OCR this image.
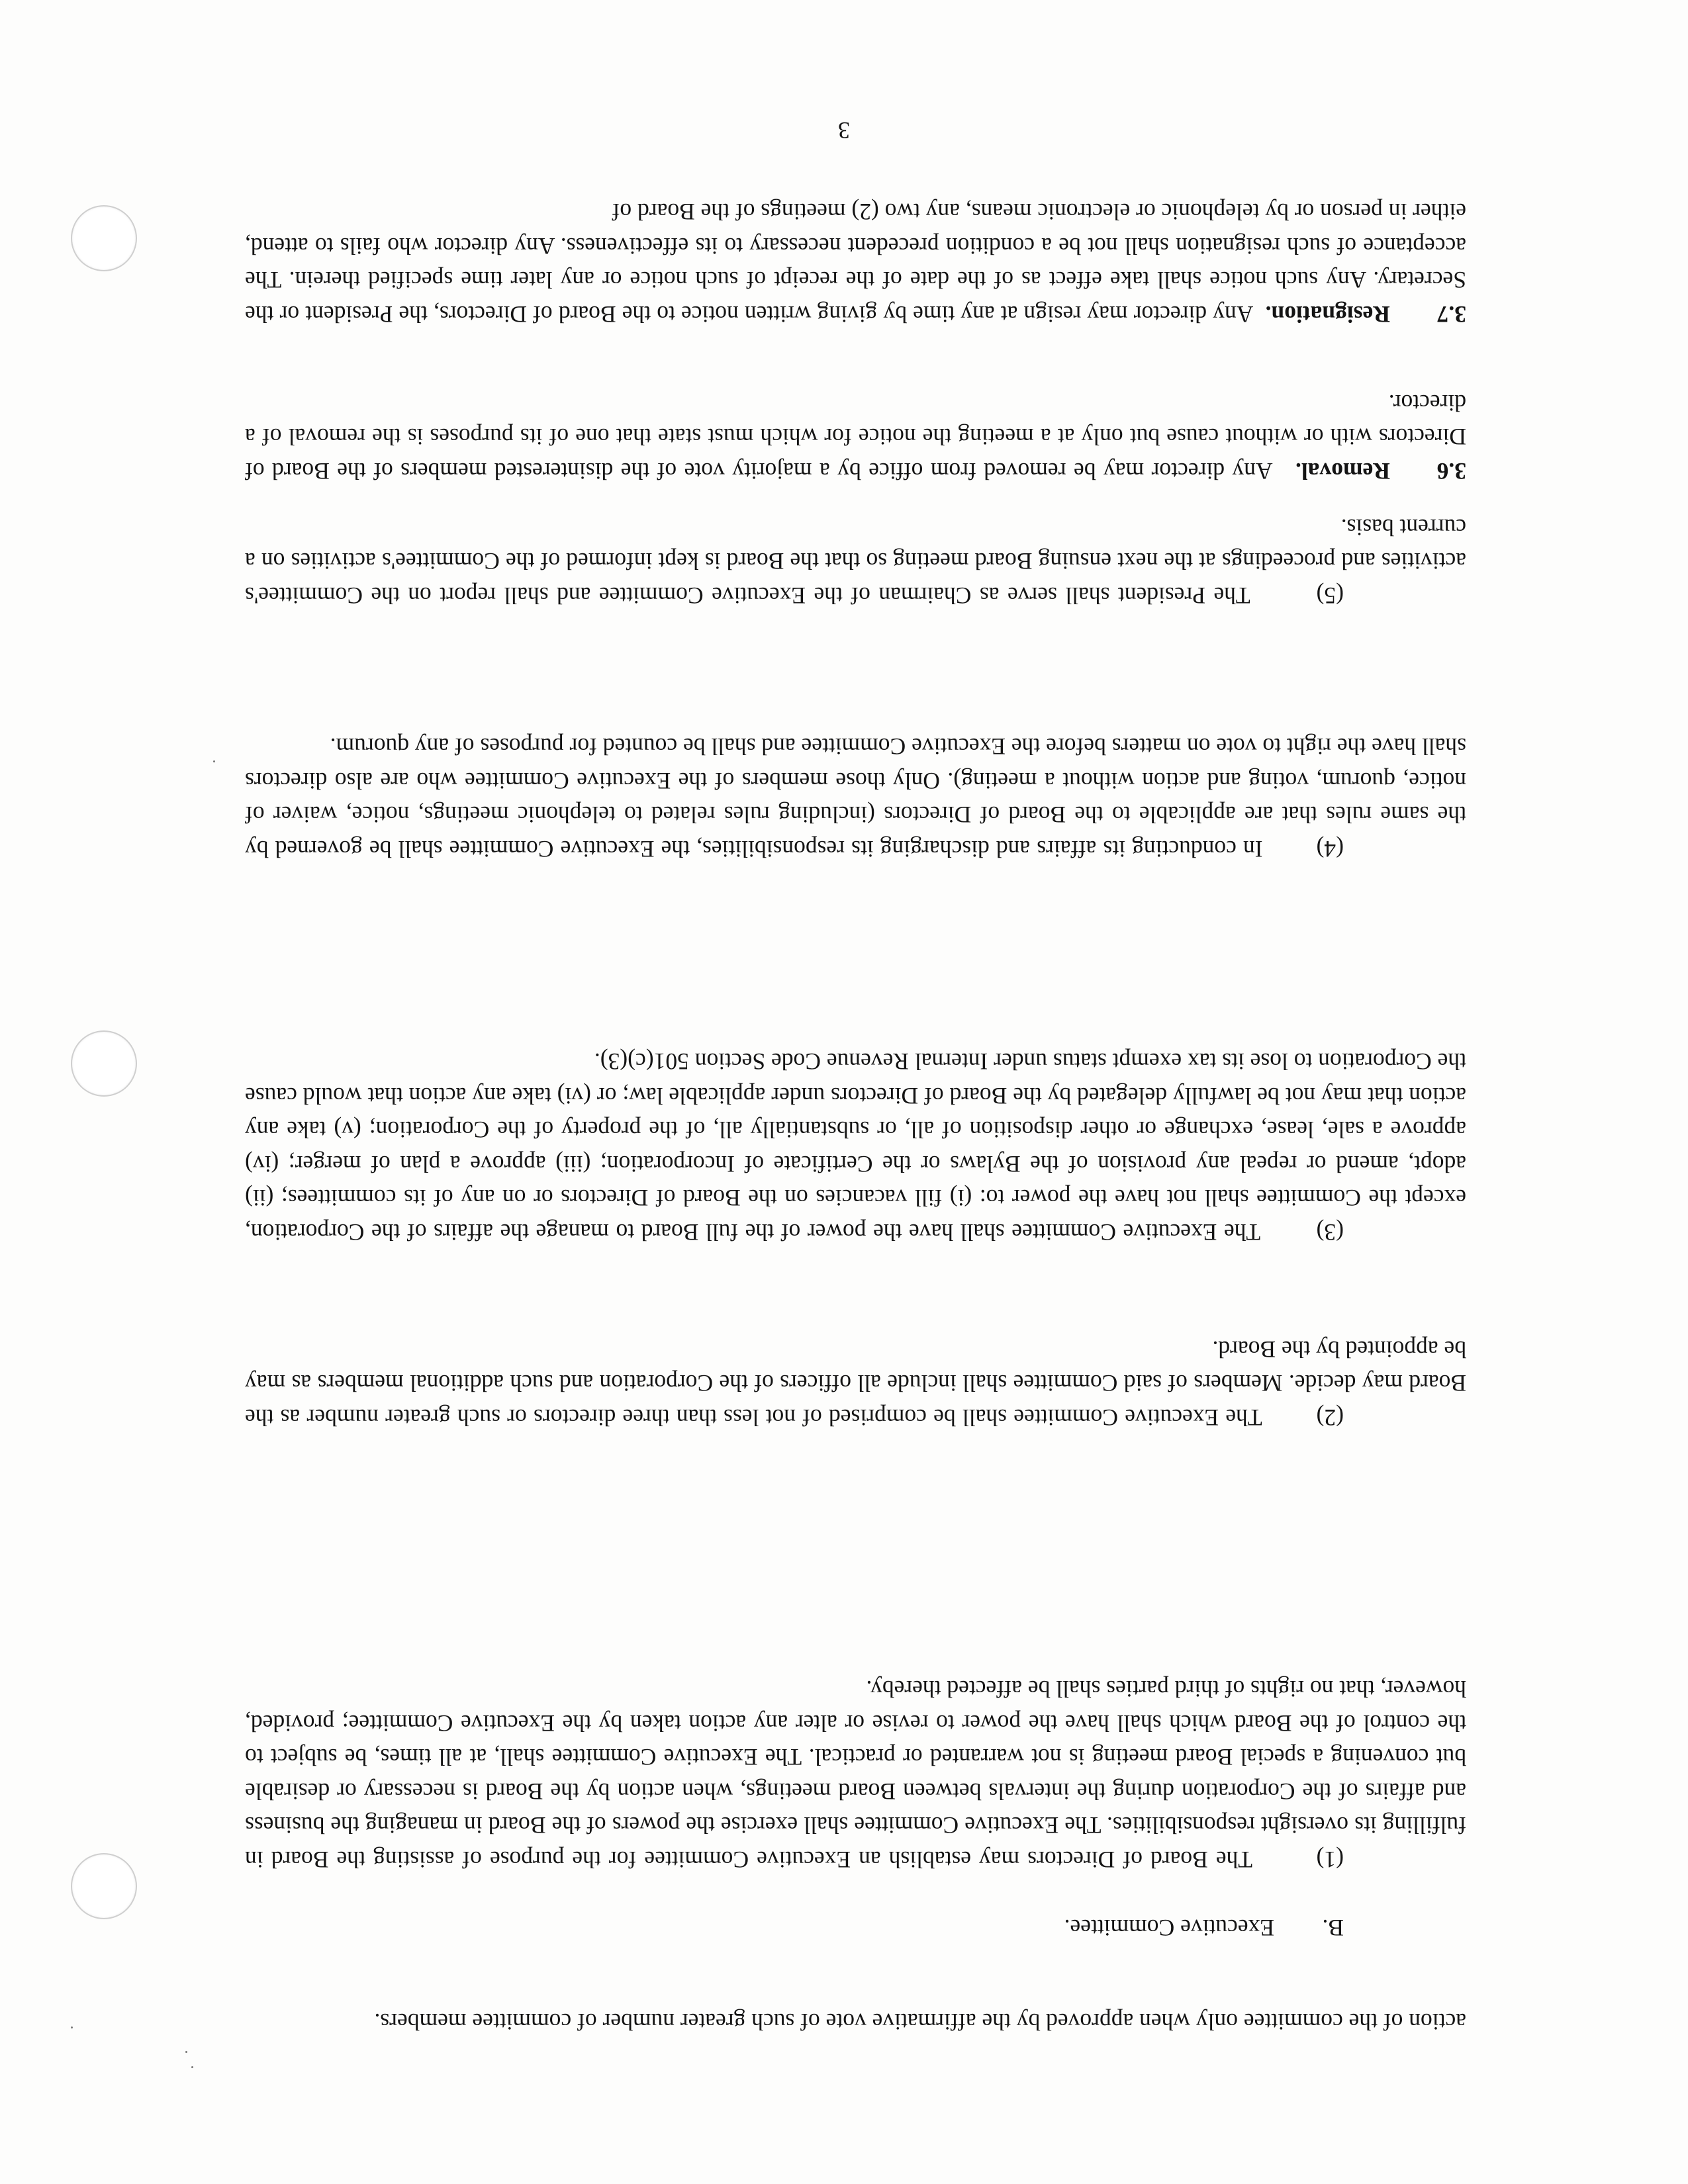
action of the committee only when approved by the affirmative vote of such greater number of committee members.

B.Executive Committee.

(1)        The Board of Directors may establish an Executive Committee for the purpose of assisting the Board in fulfilling its oversight responsibilities. The Executive Committee shall exercise the powers of the Board in managing the business and affairs of the Corporation during the intervals between Board meetings, when action by the Board is necessary or desirable but convening a special Board meeting is not warranted or practical. The Executive Committee shall, at all times, be subject to the control of the Board which shall have the power to revise or alter any action taken by the Executive Committee; provided, however, that no rights of third parties shall be affected thereby.

(2)        The Executive Committee shall be comprised of not less than three directors or such greater number as the Board may decide. Members of said Committee shall include all officers of the Corporation and such additional members as may be appointed by the Board.

(3)        The Executive Committee shall have the power of the full Board to manage the affairs of the Corporation, except the Committee shall not have the power to: (i) fill vacancies on the Board of Directors or on any of its committees; (ii) adopt, amend or repeal any provision of the Bylaws or the Certificate of Incorporation; (iii) approve a plan of merger; (iv) approve a sale, lease, exchange or other disposition of all, or substantially all, of the property of the Corporation; (v) take any action that may not be lawfully delegated by the Board of Directors under applicable law; or (vi) take any action that would cause the Corporation to lose its tax exempt status under Internal Revenue Code Section 501(c)(3).

(4)        In conducting its affairs and discharging its responsibilities, the Executive Committee shall be governed by the same rules that are applicable to the Board of Directors (including rules related to telephonic meetings, notice, waiver of notice, quorum, voting and action without a meeting). Only those members of the Executive Committee who are also directors shall have the right to vote on matters before the Executive Committee and shall be counted for purposes of any quorum.

(5)        The President shall serve as Chairman of the Executive Committee and shall report on the Committee's activities and proceedings at the next ensuing Board meeting so that the Board is kept informed of the Committee's activities on a current basis.

3.6Removal.   Any director may be removed from office by a majority vote of the disinterested members of the Board of Directors with or without cause but only at a meeting the notice for which must state that one of its purposes is the removal of a director.

3.7Resignation.  Any director may resign at any time by giving written notice to the Board of Directors, the President or the Secretary. Any such notice shall take effect as of the date of the receipt of such notice or any later time specified therein. The acceptance of such resignation shall not be a condition precedent necessary to its effectiveness. Any director who fails to attend, either in person or by telephonic or electronic means, any two (2) meetings of the Board of

3
